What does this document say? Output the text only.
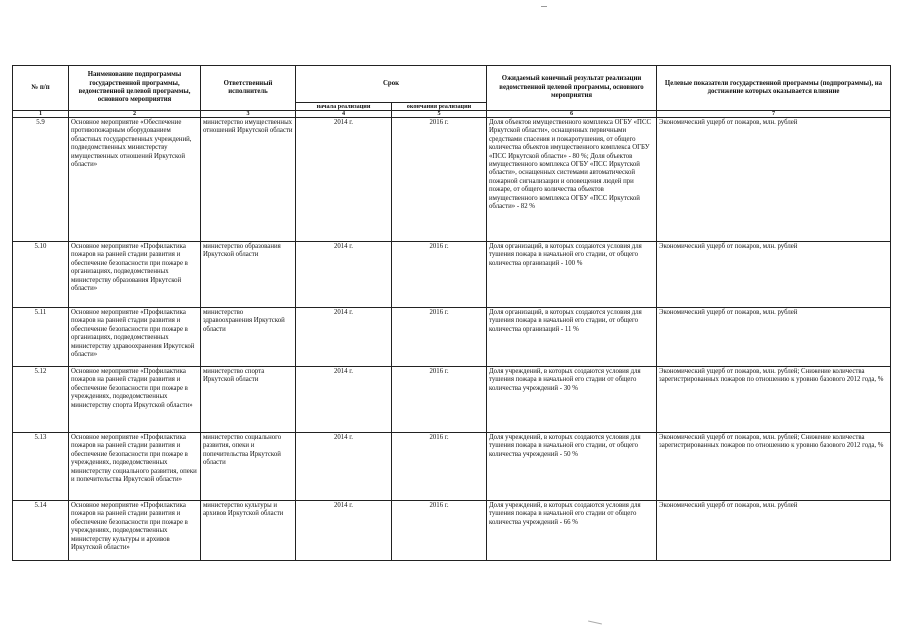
№ п/п	Наименование подпрограммы государственной программы, ведомственной целевой программы, основного мероприятия	Ответственный исполнитель	Срок		Ожидаемый конечный результат реализации ведомственной целевой программы, основного мероприятия	Целевые показатели государственной программы (подпрограммы), на достижение которых оказывается влияние
			начала реализации	окончания реализации		
1	2	3	4	5	6	7
5.9	Основное мероприятие «Обеспечение противопожарным оборудованием областных государственных учреждений, подведомственных министерству имущественных отношений Иркутской области»	министерство имущественных отношений Иркутской области	2014 г.	2016 г.	Доля объектов имущественного комплекса ОГБУ «ПСС Иркутской области», оснащенных первичными средствами спасения и пожаротушения, от общего количества объектов имущественного комплекса ОГБУ «ПСС Иркутской области» - 80 %; Доля объектов имущественного комплекса ОГБУ «ПСС Иркутской области», оснащенных системами автоматической пожарной сигнализации и оповещения людей при пожаре, от общего количества объектов имущественного комплекса ОГБУ «ПСС Иркутской области» - 82 %	Экономический ущерб от пожаров, млн. рублей
5.10	Основное мероприятие «Профилактика пожаров на ранней стадии развития и обеспечение безопасности при пожаре в организациях, подведомственных министерству образования Иркутской области»	министерство образования Иркутской области	2014 г.	2016 г.	Доля организаций, в которых создаются условия для тушения пожара в начальной его стадии, от общего количества организаций - 100 %	Экономический ущерб от пожаров, млн. рублей
5.11	Основное мероприятие «Профилактика пожаров на ранней стадии развития и обеспечение безопасности при пожаре в организациях, подведомственных министерству здравоохранения Иркутской области»	министерство здравоохранения Иркутской области	2014 г.	2016 г.	Доля организаций, в которых создаются условия для тушения пожара в начальной его стадии, от общего количества организаций - 11 %	Экономический ущерб от пожаров, млн. рублей
5.12	Основное мероприятие «Профилактика пожаров на ранней стадии развития и обеспечение безопасности при пожаре в учреждениях, подведомственных министерству спорта Иркутской области»	министерство спорта Иркутской области	2014 г.	2016 г.	Доля учреждений, в которых создаются условия для тушения пожара в начальной его стадии от общего количества учреждений - 30 %	Экономический ущерб от пожаров, млн. рублей; Снижение количества зарегистрированных пожаров по отношению к уровню базового 2012 года, %
5.13	Основное мероприятие «Профилактика пожаров на ранней стадии развития и обеспечение безопасности при пожаре в учреждениях, подведомственных министерству социального развития, опеки и попечительства Иркутской области»	министерство социального развития, опеки и попечительства Иркутской области	2014 г.	2016 г.	Доля учреждений, в которых создаются условия для тушения пожара в начальной его стадии, от общего количества учреждений - 50 %	Экономический ущерб от пожаров, млн. рублей; Снижение количества зарегистрированных пожаров по отношению к уровню базового 2012 года, %
5.14	Основное мероприятие «Профилактика пожаров на ранней стадии развития и обеспечение безопасности при пожаре в учреждениях, подведомственных министерству культуры и архивов Иркутской области»	министерство культуры и архивов Иркутской области	2014 г.	2016 г.	Доля учреждений, в которых создаются условия для тушения пожара в начальной его стадии от общего количества учреждений - 66 %	Экономический ущерб от пожаров, млн. рублей
